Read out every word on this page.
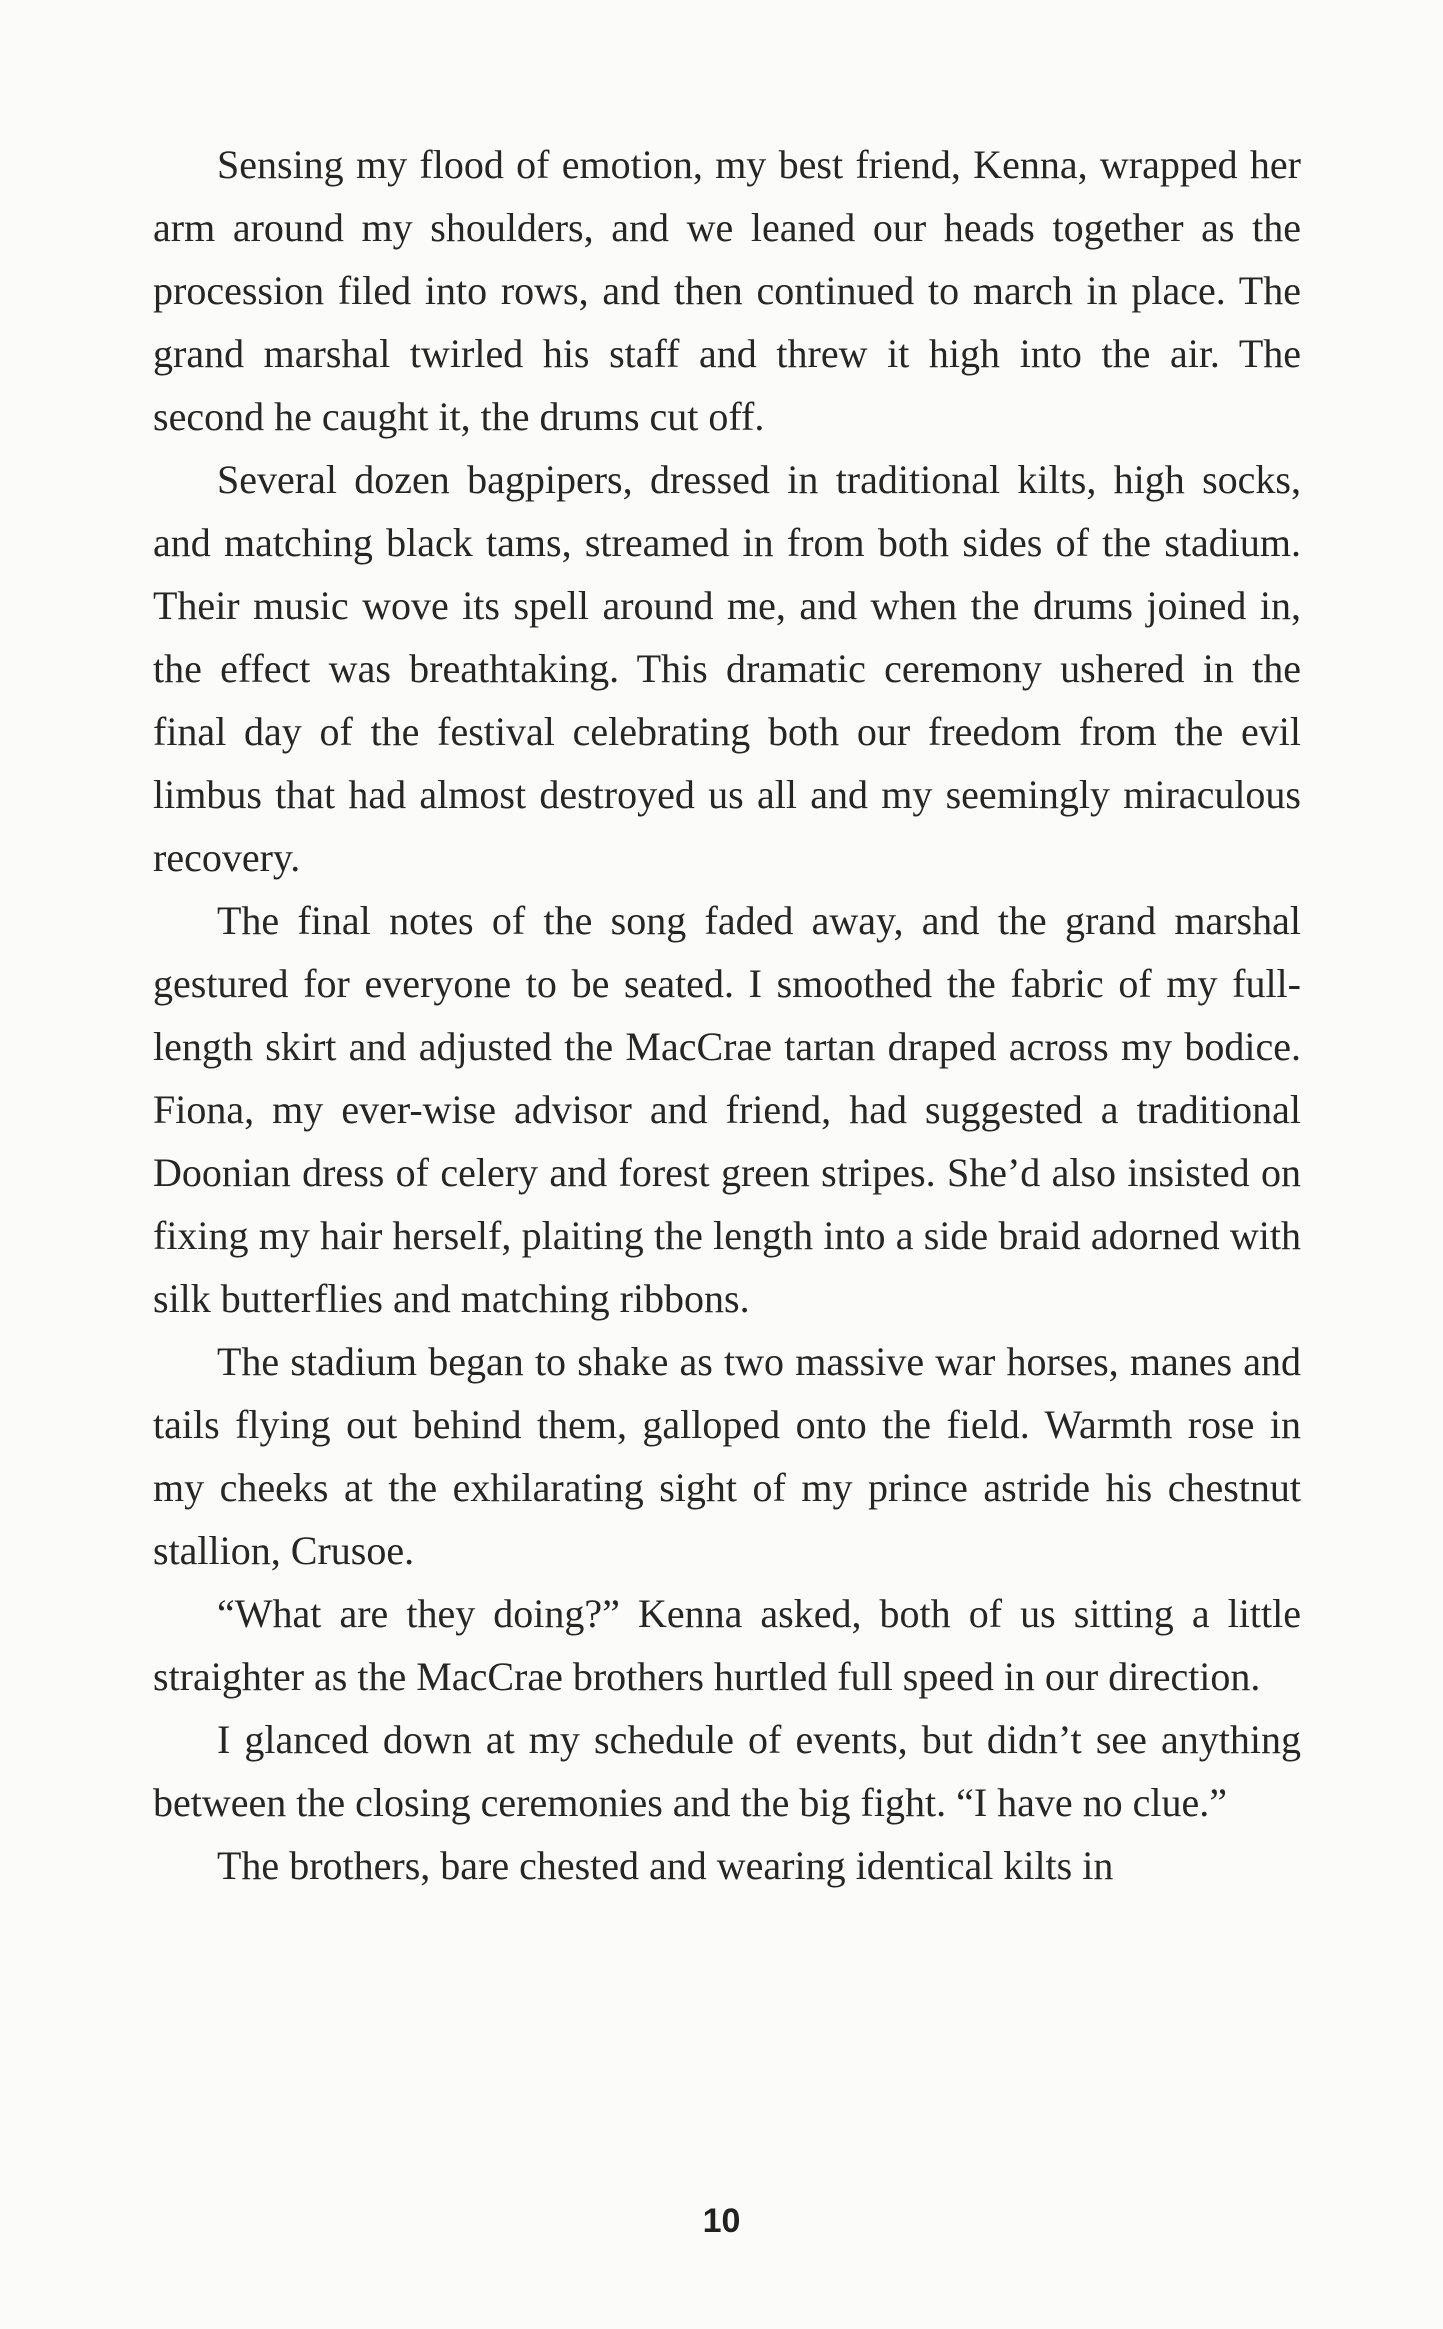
Sensing my flood of emotion, my best friend, Kenna, wrapped her arm around my shoulders, and we leaned our heads together as the procession filed into rows, and then continued to march in place. The grand marshal twirled his staff and threw it high into the air. The second he caught it, the drums cut off.

Several dozen bagpipers, dressed in traditional kilts, high socks, and matching black tams, streamed in from both sides of the stadium. Their music wove its spell around me, and when the drums joined in, the effect was breathtaking. This dramatic ceremony ushered in the final day of the festival celebrating both our freedom from the evil limbus that had almost destroyed us all and my seemingly miraculous recovery.

The final notes of the song faded away, and the grand marshal gestured for everyone to be seated. I smoothed the fabric of my full-length skirt and adjusted the MacCrae tartan draped across my bodice. Fiona, my ever-wise advisor and friend, had suggested a traditional Doonian dress of celery and forest green stripes. She’d also insisted on fixing my hair herself, plaiting the length into a side braid adorned with silk butterflies and matching ribbons.

The stadium began to shake as two massive war horses, manes and tails flying out behind them, galloped onto the field. Warmth rose in my cheeks at the exhilarating sight of my prince astride his chestnut stallion, Crusoe.

“What are they doing?” Kenna asked, both of us sitting a little straighter as the MacCrae brothers hurtled full speed in our direction.

I glanced down at my schedule of events, but didn’t see anything between the closing ceremonies and the big fight. “I have no clue.”

The brothers, bare chested and wearing identical kilts in

10
